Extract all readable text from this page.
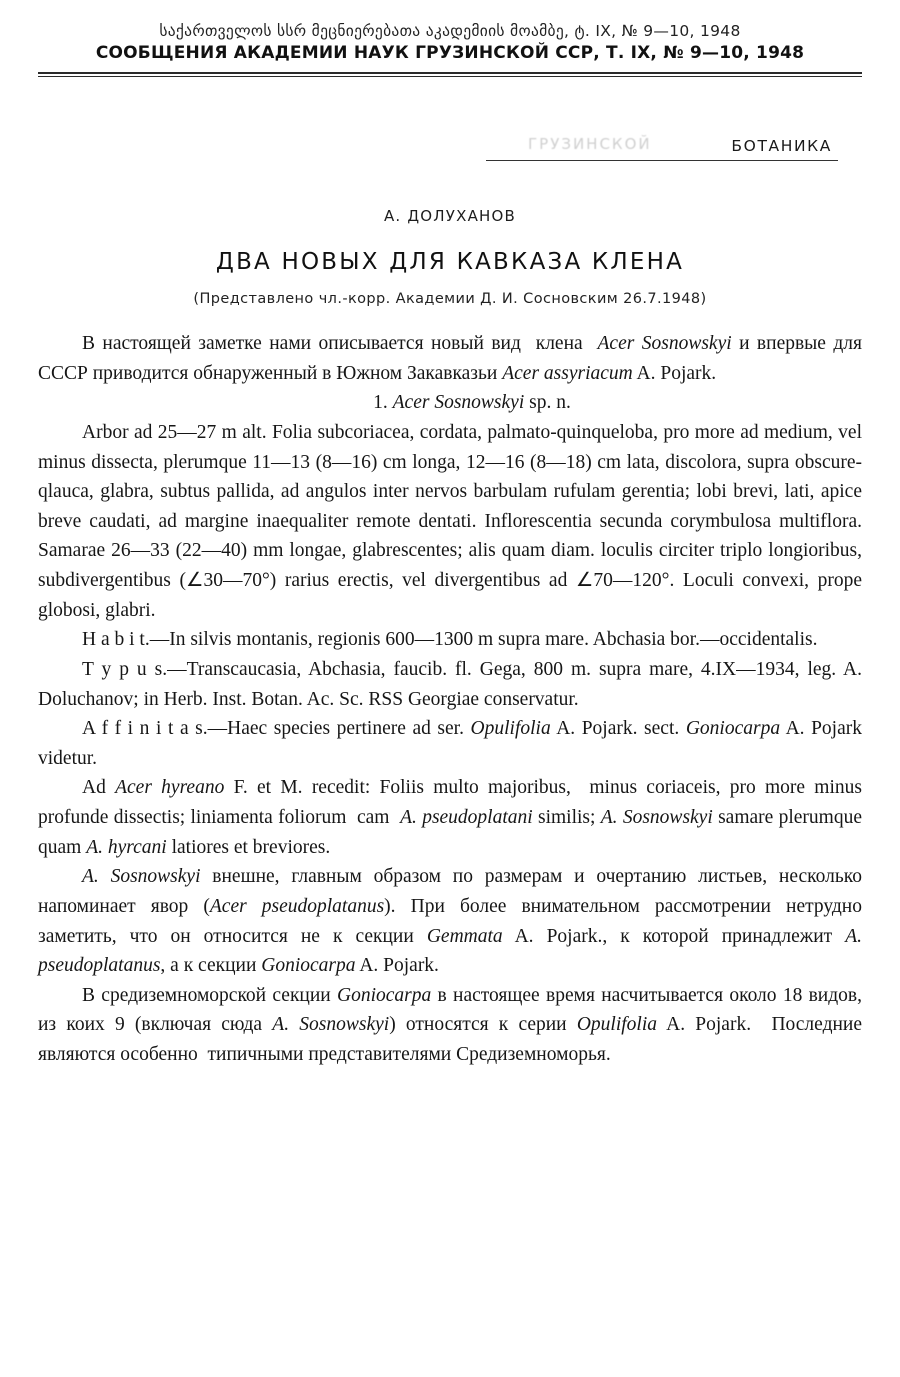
საქართველოს სსრ მეცნიერებათა აკადემიის მოამბე, ტ. IX, № 9—10, 1948
СООБЩЕНИЯ АКАДЕМИИ НАУК ГРУЗИНСКОЙ ССР, Т. IX, № 9—10, 1948
ГРУЗИНСКОЙ	БОТАНИКА
А. ДОЛУХАНОВ
ДВА НОВЫХ ДЛЯ КАВКАЗА КЛЕНА
(Представлено чл.-корр. Академии Д. И. Сосновским 26.7.1948)

В настоящей заметке нами описывается новый вид  клена  Acer Sosnowskyi и впервые для СССР приводится обнаруженный в Южном Закавказьи Acer assyriacum A. Pojark.

1. Acer Sosnowskyi sp. n.

Arbor ad 25—27 m alt. Folia subcoriacea, cordata, palmato-quinqueloba, pro more ad medium, vel minus dissecta, plerumque 11—13 (8—16) cm longa, 12—16 (8—18) cm lata, discolora, supra obscure-qlauca, glabra, subtus pallida, ad angulos inter nervos barbulam rufulam gerentia; lobi brevi, lati, apice breve caudati, ad margine inaequaliter remote dentati. Inflorescentia secunda corymbulosa multiflora. Samarae 26—33 (22—40) mm longae, glabrescentes; alis quam diam. loculis circiter triplo longioribus, subdivergentibus (∠30—70°) rarius erectis, vel divergentibus ad ∠70—120°. Loculi convexi, prope globosi, glabri.

H a b i t.—In silvis montanis, regionis 600—1300 m supra mare. Abchasia bor.—occidentalis.

T y p u s.—Transcaucasia, Abchasia, faucib. fl. Gega, 800 m. supra mare, 4.IX—1934, leg. A. Doluchanov; in Herb. Inst. Botan. Ac. Sc. RSS Georgiae conservatur.

A f f i n i t a s.—Haec species pertinere ad ser. Opulifolia A. Pojark. sect. Goniocarpa A. Pojark videtur.

Ad Acer hyreano F. et M. recedit: Foliis multo majoribus,  minus coriaceis, pro more minus profunde dissectis; liniamenta foliorum  cam  A. pseudoplatani similis; A. Sosnowskyi samare plerumque quam A. hyrcani latiores et breviores.

A. Sosnowskyi внешне, главным образом по размерам и очертанию листьев, несколько напоминает явор (Acer pseudoplatanus). При более внимательном рассмотрении нетрудно заметить, что он относится не к секции Gemmata A. Pojark., к которой принадлежит A. pseudoplatanus, а к секции Goniocarpa A. Pojark.

В средиземноморской секции Goniocarpa в настоящее время насчитывается около 18 видов, из коих 9 (включая сюда A. Sosnowskyi) относятся к серии Opulifolia A. Pojark.  Последние являются особенно  типичными представителями Средиземноморья.
